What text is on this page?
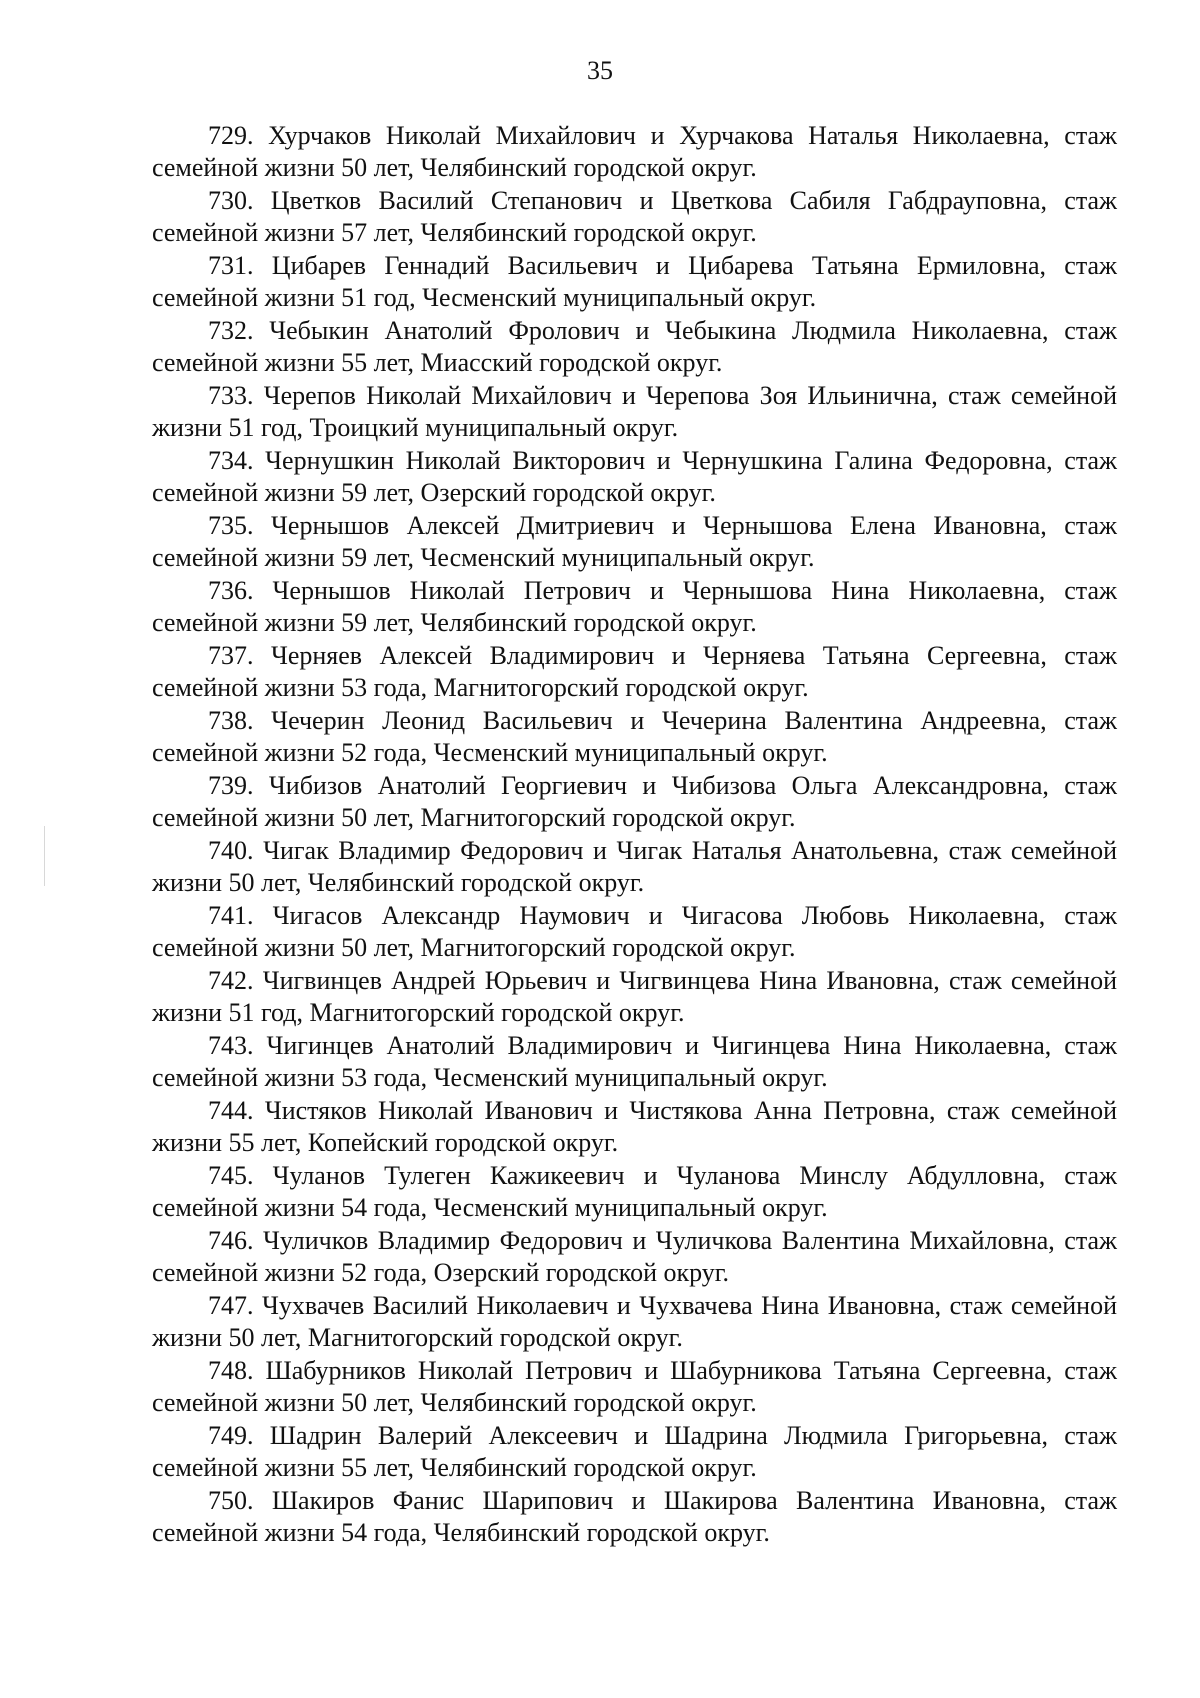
35

729. Хурчаков Николай Михайлович и Хурчакова Наталья Николаевна, стаж семейной жизни 50 лет, Челябинский городской округ.

730. Цветков Василий Степанович и Цветкова Сабиля Габдрауповна, стаж семейной жизни 57 лет, Челябинский городской округ.

731. Цибарев Геннадий Васильевич и Цибарева Татьяна Ермиловна, стаж семейной жизни 51 год, Чесменский муниципальный округ.

732. Чебыкин Анатолий Фролович и Чебыкина Людмила Николаевна, стаж семейной жизни 55 лет, Миасский городской округ.

733. Черепов Николай Михайлович и Черепова Зоя Ильинична, стаж семейной жизни 51 год, Троицкий муниципальный округ.

734. Чернушкин Николай Викторович и Чернушкина Галина Федоровна, стаж семейной жизни 59 лет, Озерский городской округ.

735. Чернышов Алексей Дмитриевич и Чернышова Елена Ивановна, стаж семейной жизни 59 лет, Чесменский муниципальный округ.

736. Чернышов Николай Петрович и Чернышова Нина Николаевна, стаж семейной жизни 59 лет, Челябинский городской округ.

737. Черняев Алексей Владимирович и Черняева Татьяна Сергеевна, стаж семейной жизни 53 года, Магнитогорский городской округ.

738. Чечерин Леонид Васильевич и Чечерина Валентина Андреевна, стаж семейной жизни 52 года, Чесменский муниципальный округ.

739. Чибизов Анатолий Георгиевич и Чибизова Ольга Александровна, стаж семейной жизни 50 лет, Магнитогорский городской округ.

740. Чигак Владимир Федорович и Чигак Наталья Анатольевна, стаж семейной жизни 50 лет, Челябинский городской округ.

741. Чигасов Александр Наумович и Чигасова Любовь Николаевна, стаж семейной жизни 50 лет, Магнитогорский городской округ.

742. Чигвинцев Андрей Юрьевич и Чигвинцева Нина Ивановна, стаж семейной жизни 51 год, Магнитогорский городской округ.

743. Чигинцев Анатолий Владимирович и Чигинцева Нина Николаевна, стаж семейной жизни 53 года, Чесменский муниципальный округ.

744. Чистяков Николай Иванович и Чистякова Анна Петровна, стаж семейной жизни 55 лет, Копейский городской округ.

745. Чуланов Тулеген Кажикеевич и Чуланова Минслу Абдулловна, стаж семейной жизни 54 года, Чесменский муниципальный округ.

746. Чуличков Владимир Федорович и Чуличкова Валентина Михайловна, стаж семейной жизни 52 года, Озерский городской округ.

747. Чухвачев Василий Николаевич и Чухвачева Нина Ивановна, стаж семейной жизни 50 лет, Магнитогорский городской округ.

748. Шабурников Николай Петрович и Шабурникова Татьяна Сергеевна, стаж семейной жизни 50 лет, Челябинский городской округ.

749. Шадрин Валерий Алексеевич и Шадрина Людмила Григорьевна, стаж семейной жизни 55 лет, Челябинский городской округ.

750. Шакиров Фанис Шарипович и Шакирова Валентина Ивановна, стаж семейной жизни 54 года, Челябинский городской округ.
